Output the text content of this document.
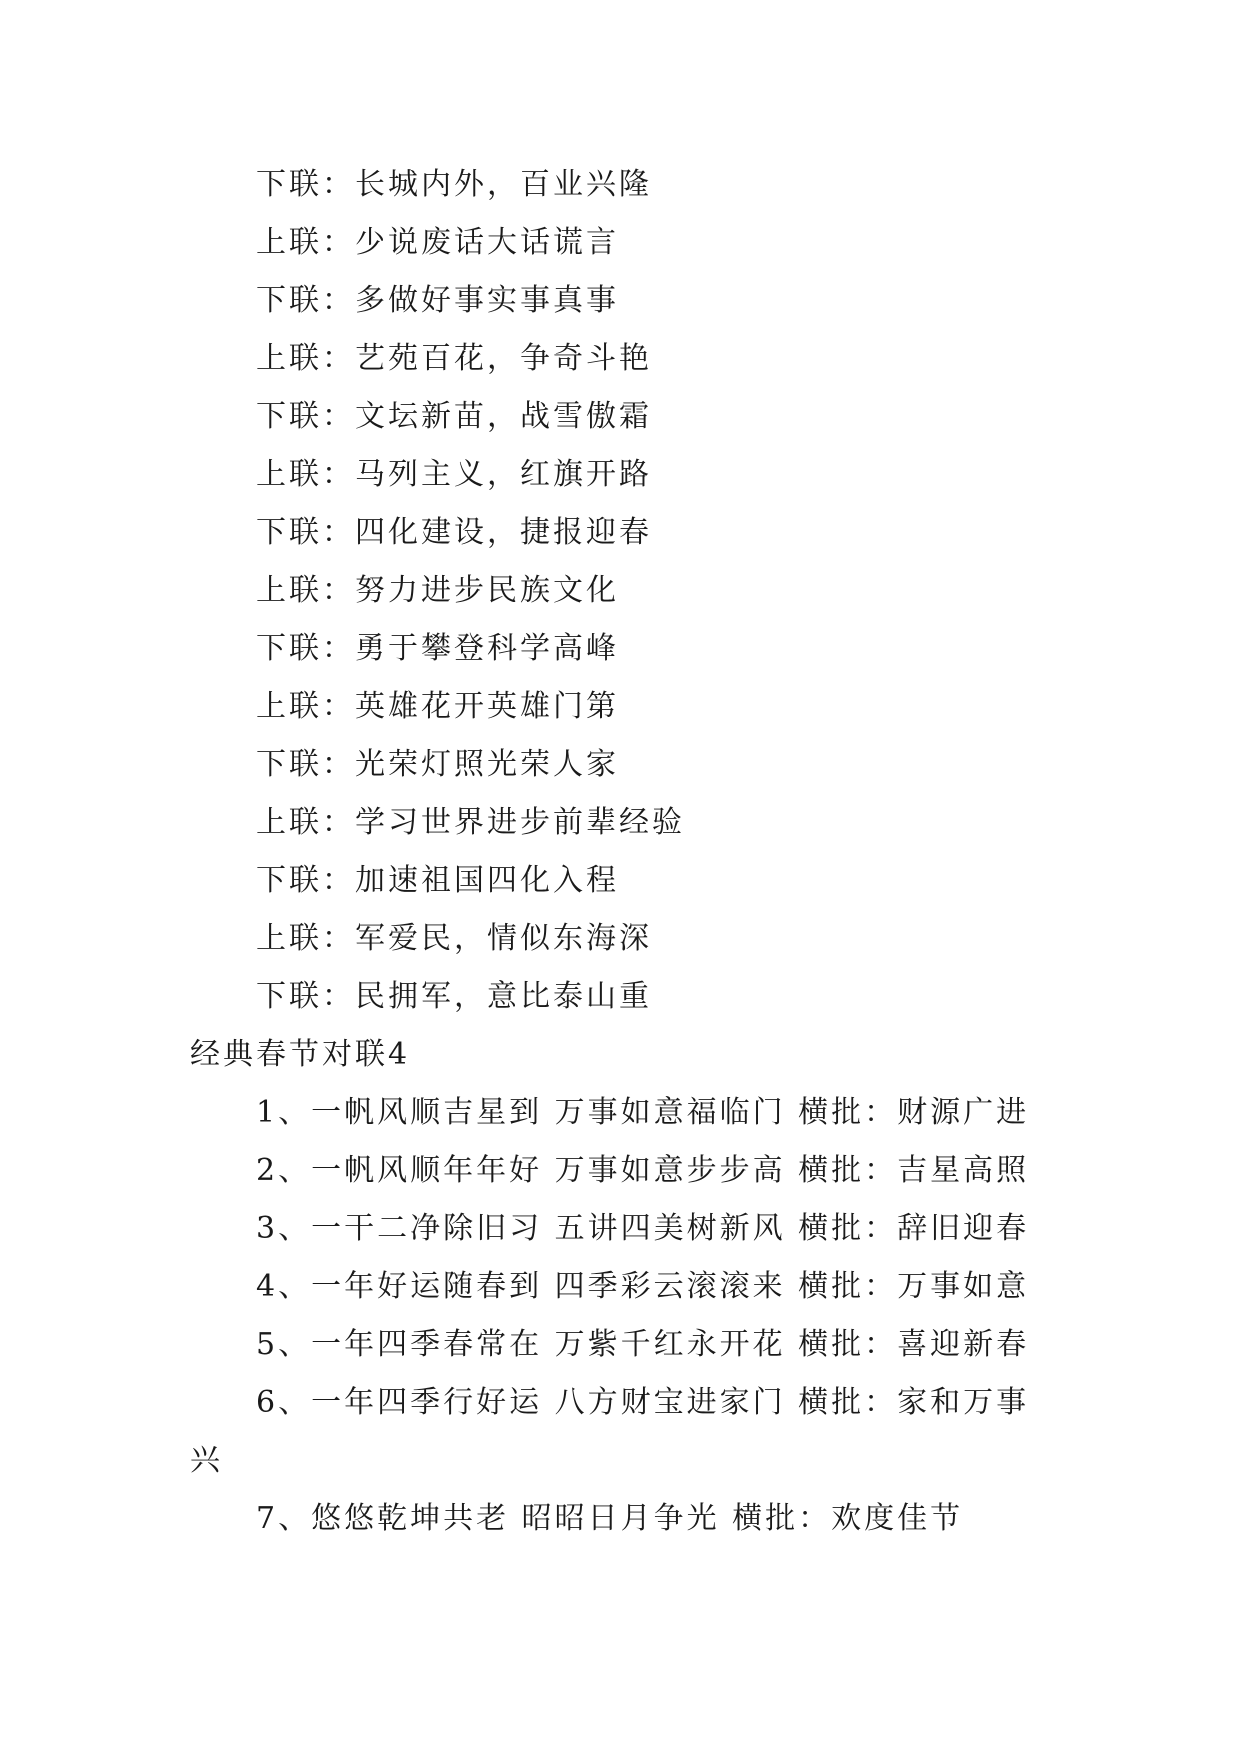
下联：长城内外，百业兴隆
上联：少说废话大话谎言
下联：多做好事实事真事
上联：艺苑百花，争奇斗艳
下联：文坛新苗，战雪傲霜
上联：马列主义，红旗开路
下联：四化建设，捷报迎春
上联：努力进步民族文化
下联：勇于攀登科学高峰
上联：英雄花开英雄门第
下联：光荣灯照光荣人家
上联：学习世界进步前辈经验
下联：加速祖国四化入程
上联：军爱民，情似东海深
下联：民拥军，意比泰山重
经典春节对联4
1、一帆风顺吉星到 万事如意福临门 横批：财源广进
2、一帆风顺年年好 万事如意步步高 横批：吉星高照
3、一干二净除旧习 五讲四美树新风 横批：辞旧迎春
4、一年好运随春到 四季彩云滚滚来 横批：万事如意
5、一年四季春常在 万紫千红永开花 横批：喜迎新春
6、一年四季行好运 八方财宝进家门 横批：家和万事兴
7、悠悠乾坤共老 昭昭日月争光 横批：欢度佳节
